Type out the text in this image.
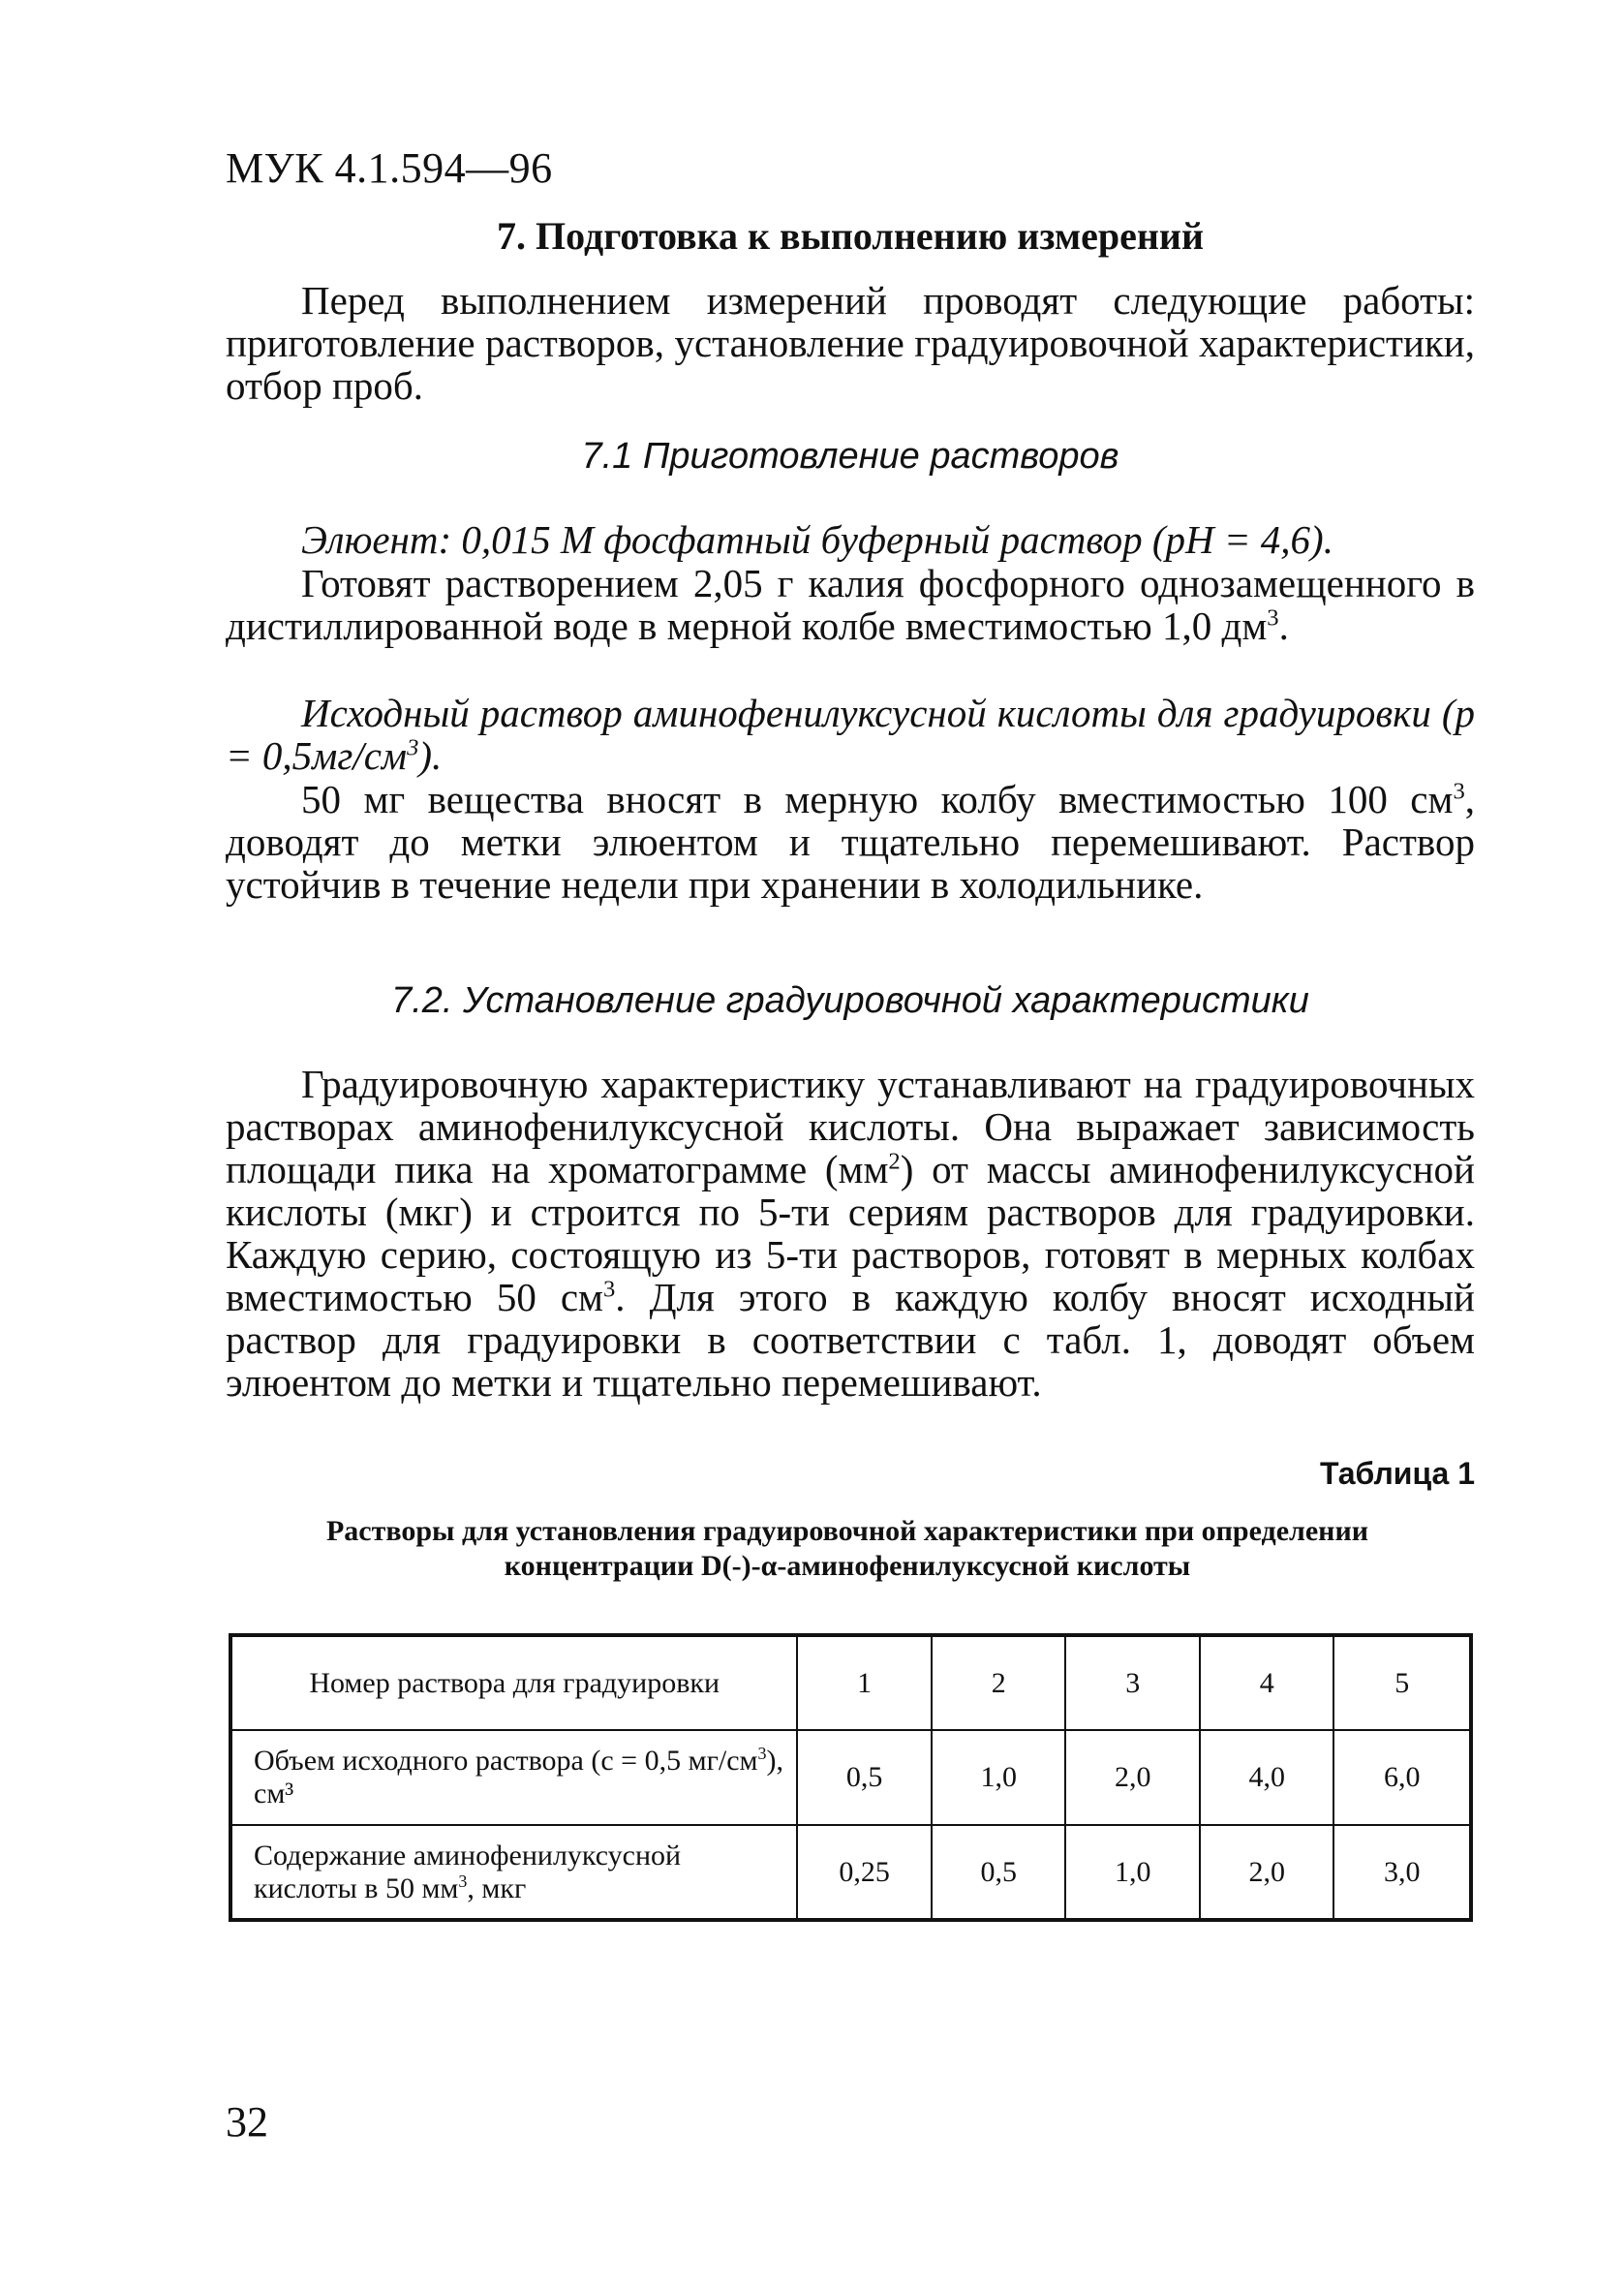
МУК 4.1.594—96
7. Подготовка к выполнению измерений
Перед выполнением измерений проводят следующие работы: приготовление растворов, установление градуировочной характеристики, отбор проб.
7.1 Приготовление растворов
Элюент: 0,015 М фосфатный буферный раствор (pH = 4,6).
Готовят растворением 2,05 г калия фосфорного однозамещенного в дистиллированной воде в мерной колбе вместимостью 1,0 $дм^3$.
Исходный раствор аминофенилуксусной кислоты для градуировки $(р = 0,5мг/см^3)$.
50 мг вещества вносят в мерную колбу вместимостью 100 $см^3$, доводят до метки элюентом и тщательно перемешивают. Раствор устойчив в течение недели при хранении в холодильнике.
7.2. Установление градуировочной характеристики
Градуировочную характеристику устанавливают на градуировочных растворах аминофенилуксусной кислоты. Она выражает зависимость площади пика на хроматограмме $(мм^2)$ от массы аминофенилуксусной кислоты (мкг) и строится по 5-ти сериям растворов для градуировки. Каждую серию, состоящую из 5-ти растворов, готовят в мерных колбах вместимостью 50 $см^3$. Для этого в каждую колбу вносят исходный раствор для градуировки в соответствии с табл. 1, доводят объем элюентом до метки и тщательно перемешивают.
Таблица 1
Растворы для установления градуировочной характеристики при определении концентрации D(-)-α-аминофенилуксусной кислоты
Номер раствора для градуировки	1	2	3	4	5
Объем исходного раствора (с = 0,5 $мг/см^3$), см³	0,5	1,0	2,0	4,0	6,0
Содержание аминофенилуксусной кислоты в 50 $мм^3$, мкг	0,25	0,5	1,0	2,0	3,0
32
